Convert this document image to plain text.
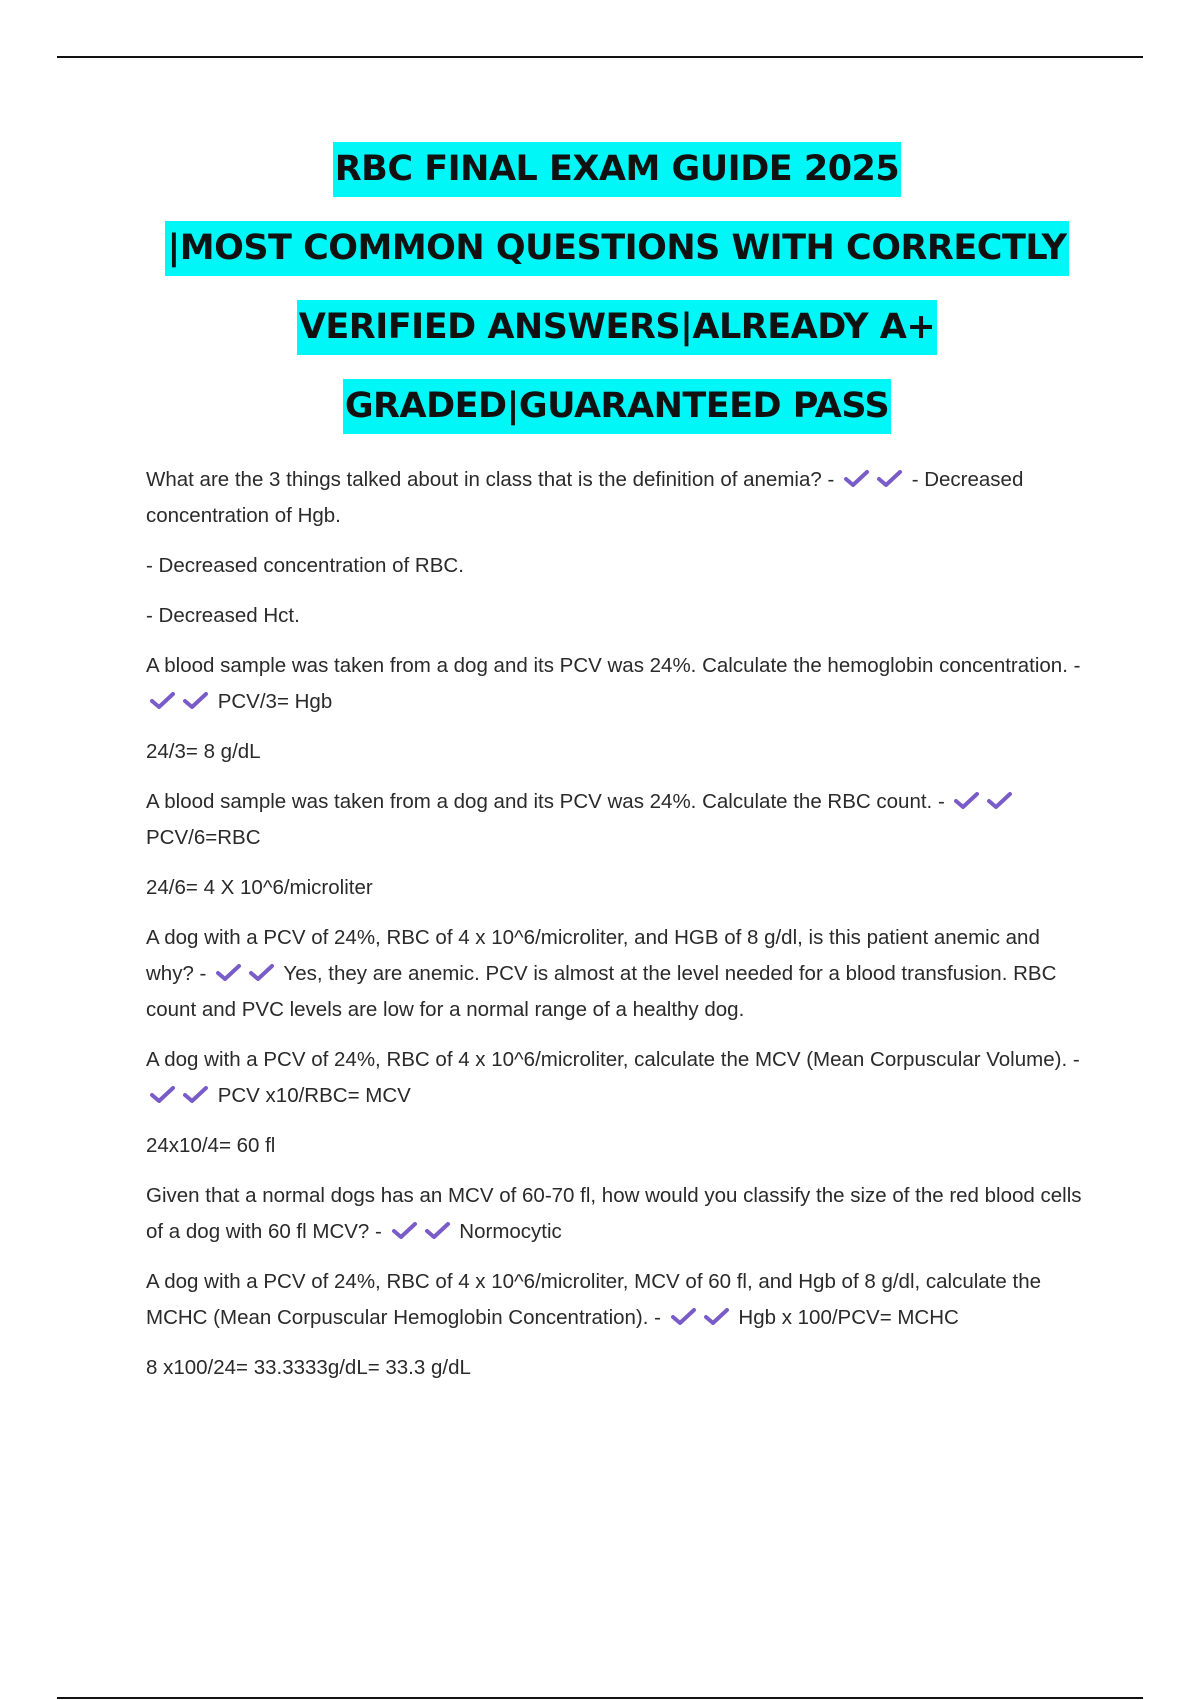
RBC FINAL EXAM GUIDE 2025
|MOST COMMON QUESTIONS WITH CORRECTLY
VERIFIED ANSWERS|ALREADY A+
GRADED|GUARANTEED PASS

What are the 3 things talked about in class that is the definition of anemia? -	- Decreased concentration of Hgb.

- Decreased concentration of RBC.

- Decreased Hct.

A blood sample was taken from a dog and its PCV was 24%. Calculate the hemoglobin concentration. -
PCV/3= Hgb

24/3= 8 g/dL

A blood sample was taken from a dog and its PCV was 24%. Calculate the RBC count. -
PCV/6=RBC

24/6= 4 X 10^6/microliter

A dog with a PCV of 24%, RBC of 4 x 10^6/microliter, and HGB of 8 g/dl, is this patient anemic and why? -	Yes, they are anemic. PCV is almost at the level needed for a blood transfusion. RBC count and PVC levels are low for a normal range of a healthy dog.

A dog with a PCV of 24%, RBC of 4 x 10^6/microliter, calculate the MCV (Mean Corpuscular Volume). -
PCV x10/RBC= MCV

24x10/4= 60 fl

Given that a normal dogs has an MCV of 60-70 fl, how would you classify the size of the red blood cells of a dog with 60 fl MCV? -	Normocytic

A dog with a PCV of 24%, RBC of 4 x 10^6/microliter, MCV of 60 fl, and Hgb of 8 g/dl, calculate the MCHC (Mean Corpuscular Hemoglobin Concentration). -	Hgb x 100/PCV= MCHC

8 x100/24= 33.3333g/dL= 33.3 g/dL
